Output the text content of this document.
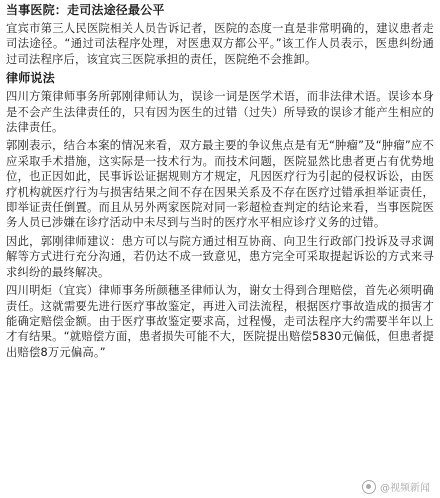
当事医院：走司法途径最公平
宜宾市第三人民医院相关人员告诉记者，医院的态度一直是非常明确的，建议患者走司法途径。“通过司法程序处理，对医患双方都公平。”该工作人员表示，医患纠纷通过司法程序后，该宜宾三医院承担的责任，医院绝不会推卸。
律师说法
四川方策律师事务所郭刚律师认为，误诊一词是医学术语，而非法律术语。误诊本身是不会产生法律责任的，只有因为医生的过错（过失）所导致的误诊才能产生相应的法律责任。
郭刚表示，结合本案的情况来看，双方最主要的争议焦点是有无“肿瘤”及“肿瘤”应不应采取手术措施，这实际是一技术行为。而技术问题，医院显然比患者更占有优势地位，也正因如此，民事诉讼证据规则方才规定，凡因医疗行为引起的侵权诉讼，由医疗机构就医疗行为与损害结果之间不存在因果关系及不存在医疗过错承担举证责任，即举证责任倒置。而且从另外两家医院对同一彩超检查判定的结论来看，当事医院医务人员已涉嫌在诊疗活动中未尽到与当时的医疗水平相应诊疗义务的过错。
因此，郭刚律师建议：患方可以与院方通过相互协商、向卫生行政部门投诉及寻求调解等方式进行充分沟通，若仍达不成一致意见，患方完全可采取提起诉讼的方式来寻求纠纷的最终解决。
四川明炬（宜宾）律师事务所颜穗圣律师认为，谢女士得到合理赔偿，首先必须明确责任。这就需要先进行医疗事故鉴定，再进入司法流程，根据医疗事故造成的损害才能确定赔偿金额。由于医疗事故鉴定要求高，过程慢，走司法程序大约需要半年以上才有结果。“就赔偿方面，患者损失可能不大，医院提出赔偿5830元偏低，但患者提出赔偿8万元偏高。”
@视频新闻
